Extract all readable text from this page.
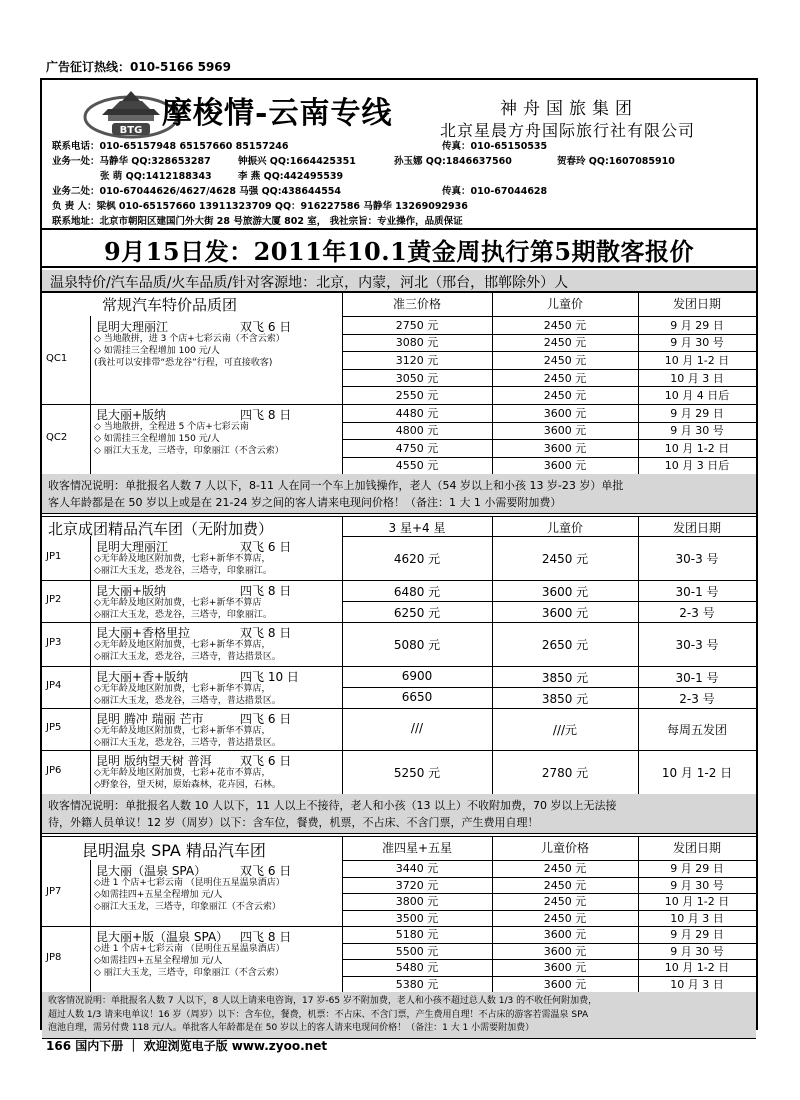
广告征订热线：010-5166 5969
BTG 摩梭情-云南专线	神舟国旅集团
北京星晨方舟国际旅行社有限公司
联系电话：010-65157948 65157660 85157246	传真：010-65150535
业务一处：马静华 QQ:328653287	钟振兴 QQ:1664425351	孙玉娜 QQ:1846637560	贺春玲 QQ:1607085910
张 萌 QQ:1412188343	李 燕 QQ:442495539
业务二处：010-67044626/4627/4628 马强 QQ:438644554	传真：010-67044628
负 责 人：梁枫 010-65157660 13911323709 QQ：916227586 马静华 13269092936
联系地址：北京市朝阳区建国门外大街 28 号旅游大厦 802 室， 我社宗旨：专业操作，品质保证
9月15日发：2011年10.1黄金周执行第5期散客报价
温泉特价/汽车品质/火车品质/针对客源地：北京，内蒙，河北（邢台，邯郸除外）人
常规汽车特价品质团	准三价格	儿童价	发团日期
QC1
昆明大理丽江	双飞 6 日
◇ 当地散拼，进 3 个店+七彩云南（不含云索）
◇ 如需挂三全程增加 100 元/人
(我社可以安排带“恐龙谷”行程，可直接收客)
2750 元	2450 元	9 月 29 日
3080 元	2450 元	9 月 30 号
3120 元	2450 元	10 月 1-2 日
3050 元	2450 元	10 月 3 日
2550 元	2450 元	10 月 4 日后
QC2
昆大丽+版纳	四飞 8 日
◇ 当地散拼，全程进 5 个店+七彩云南
◇ 如需挂三全程增加 150 元/人
◇ 丽江大玉龙，三塔寺，印象丽江（不含云索）
4480 元	3600 元	9 月 29 日
4800 元	3600 元	9 月 30 号
4750 元	3600 元	10 月 1-2 日
4550 元	3600 元	10 月 3 日后
收客情况说明：单批报名人数 7 人以下，8-11 人在同一个车上加钱操作，老人（54 岁以上和小孩 13 岁-23 岁）单批
客人年龄都是在 50 岁以上或是在 21-24 岁之间的客人请来电现问价格！（备注：1 大 1 小需要附加费）
北京成团精品汽车团（无附加费）	3 星+4 星	儿童价	发团日期
JP1
昆明大理丽江	双飞 6 日
◇无年龄及地区附加费，七彩+新华不算店，
◇丽江大玉龙，恐龙谷，三塔寺，印象丽江。
4620 元	2450 元	30-3 号
JP2
昆大丽+版纳	四飞 8 日
◇无年龄及地区附加费，七彩+新华不算店
◇丽江大玉龙，恐龙谷，三塔寺，印象丽江。
6480 元	3600 元	30-1 号
6250 元	3600 元	2-3 号
JP3
昆大丽+香格里拉	双飞 8 日
◇无年龄及地区附加费，七彩+新华不算店，
◇丽江大玉龙，恐龙谷，三塔寺，普达措景区。
5080 元	2650 元	30-3 号
JP4
昆大丽+香+版纳	四飞 10 日
◇无年龄及地区附加费，七彩+新华不算店，
◇丽江大玉龙，恐龙谷，三塔寺，普达措景区。
6900	3850 元	30-1 号
6650	3850 元	2-3 号
JP5
昆明 腾冲 瑞丽 芒市	四飞 6 日
◇无年龄及地区附加费，七彩+新华不算店，
◇丽江大玉龙，恐龙谷，三塔寺，普达措景区。
///	///元	每周五发团
JP6
昆明 版纳望天树 普洱 双飞 6 日
◇无年龄及地区附加费，七彩+花市不算店，
◇野象谷，望天树，原始森林，花卉园，石林。
5250 元	2780 元	10 月 1-2 日
收客情况说明：单批报名人数 10 人以下，11 人以上不接待，老人和小孩（13 以上）不收附加费，70 岁以上无法接
待，外籍人员单议！12 岁（周岁）以下：含车位，餐费，机票，不占床、不含门票，产生费用自理！
昆明温泉 SPA 精品汽车团	准四星+五星	儿童价格	发团日期
JP7
昆大丽（温泉 SPA）	双飞 6 日
◇进 1 个店+七彩云南 （昆明住五星温泉酒店）
◇如需挂四+五星全程增加 元/人
◇丽江大玉龙，三塔寺，印象丽江（不含云索）
3440 元	2450 元	9 月 29 日
3720 元	2450 元	9 月 30 号
3800 元	2450 元	10 月 1-2 日
3500 元	2450 元	10 月 3 日
JP8
昆大丽+版（温泉 SPA） 四飞 8 日
◇进 1 个店+七彩云南 （昆明住五星温泉酒店）
◇如需挂四+五星全程增加 元/人
◇ 丽江大玉龙，三塔寺，印象丽江（不含云索）
5180 元	3600 元	9 月 29 日
5500 元	3600 元	9 月 30 号
5480 元	3600 元	10 月 1-2 日
5380 元	3600 元	10 月 3 日
收客情况说明：单批报名人数 7 人以下，8 人以上请来电咨询，17 岁-65 岁不附加费，老人和小孩不超过总人数 1/3 的不收任何附加费，
超过人数 1/3 请来电单议！16 岁（周岁）以下：含车位，餐费，机票：不占床、不含门票，产生费用自理！不占床的游客若需温泉 SPA
泡池自理，需另付费 118 元/人。单批客人年龄都是在 50 岁以上的客人请来电现问价格！（备注：1 大 1 小需要附加费）
166 国内下册 ｜ 欢迎浏览电子版 www.zyoo.net
